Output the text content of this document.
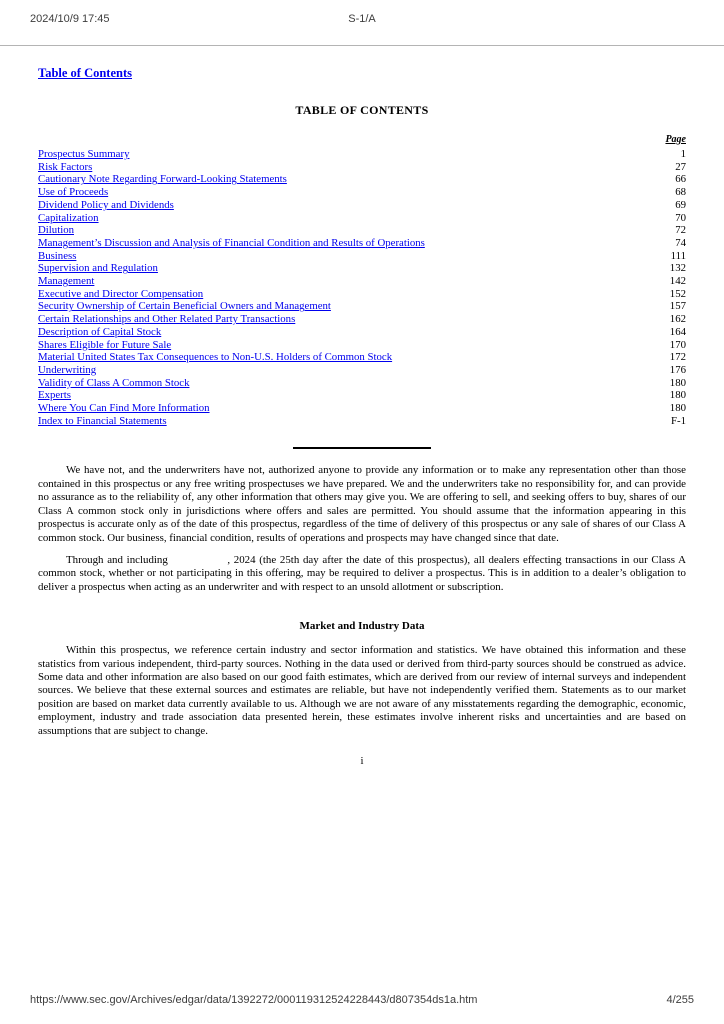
2024/10/9 17:45	S-1/A
Table of Contents
TABLE OF CONTENTS
Page
Prospectus Summary	1
Risk Factors	27
Cautionary Note Regarding Forward-Looking Statements	66
Use of Proceeds	68
Dividend Policy and Dividends	69
Capitalization	70
Dilution	72
Management’s Discussion and Analysis of Financial Condition and Results of Operations	74
Business	111
Supervision and Regulation	132
Management	142
Executive and Director Compensation	152
Security Ownership of Certain Beneficial Owners and Management	157
Certain Relationships and Other Related Party Transactions	162
Description of Capital Stock	164
Shares Eligible for Future Sale	170
Material United States Tax Consequences to Non-U.S. Holders of Common Stock	172
Underwriting	176
Validity of Class A Common Stock	180
Experts	180
Where You Can Find More Information	180
Index to Financial Statements	F-1

We have not, and the underwriters have not, authorized anyone to provide any information or to make any representation other than those contained in this prospectus or any free writing prospectuses we have prepared. We and the underwriters take no responsibility for, and can provide no assurance as to the reliability of, any other information that others may give you. We are offering to sell, and seeking offers to buy, shares of our Class A common stock only in jurisdictions where offers and sales are permitted. You should assume that the information appearing in this prospectus is accurate only as of the date of this prospectus, regardless of the time of delivery of this prospectus or any sale of shares of our Class A common stock. Our business, financial condition, results of operations and prospects may have changed since that date.

Through and including                , 2024 (the 25th day after the date of this prospectus), all dealers effecting transactions in our Class A common stock, whether or not participating in this offering, may be required to deliver a prospectus. This is in addition to a dealer’s obligation to deliver a prospectus when acting as an underwriter and with respect to an unsold allotment or subscription.

Market and Industry Data

Within this prospectus, we reference certain industry and sector information and statistics. We have obtained this information and these statistics from various independent, third-party sources. Nothing in the data used or derived from third-party sources should be construed as advice. Some data and other information are also based on our good faith estimates, which are derived from our review of internal surveys and independent sources. We believe that these external sources and estimates are reliable, but have not independently verified them. Statements as to our market position are based on market data currently available to us. Although we are not aware of any misstatements regarding the demographic, economic, employment, industry and trade association data presented herein, these estimates involve inherent risks and uncertainties and are based on assumptions that are subject to change.

i
https://www.sec.gov/Archives/edgar/data/1392272/000119312524228443/d807354ds1a.htm	4/255
